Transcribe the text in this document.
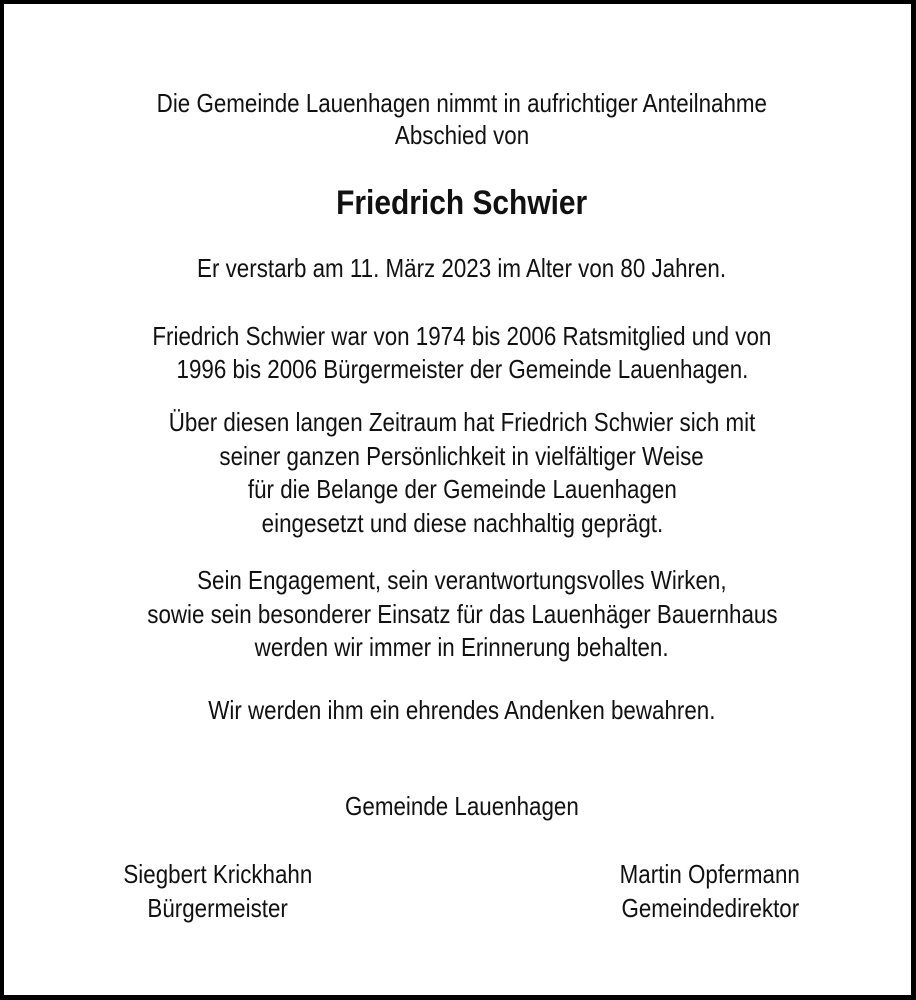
Die Gemeinde Lauenhagen nimmt in aufrichtiger Anteilnahme
Abschied von
Friedrich Schwier
Er verstarb am 11. März 2023 im Alter von 80 Jahren.
Friedrich Schwier war von 1974 bis 2006 Ratsmitglied und von
1996 bis 2006 Bürgermeister der Gemeinde Lauenhagen.
Über diesen langen Zeitraum hat Friedrich Schwier sich mit
seiner ganzen Persönlichkeit in vielfältiger Weise
für die Belange der Gemeinde Lauenhagen
eingesetzt und diese nachhaltig geprägt.
Sein Engagement, sein verantwortungsvolles Wirken,
sowie sein besonderer Einsatz für das Lauenhäger Bauernhaus
werden wir immer in Erinnerung behalten.
Wir werden ihm ein ehrendes Andenken bewahren.
Gemeinde Lauenhagen
Siegbert Krickhahn
Bürgermeister
Martin Opfermann
Gemeindedirektor
